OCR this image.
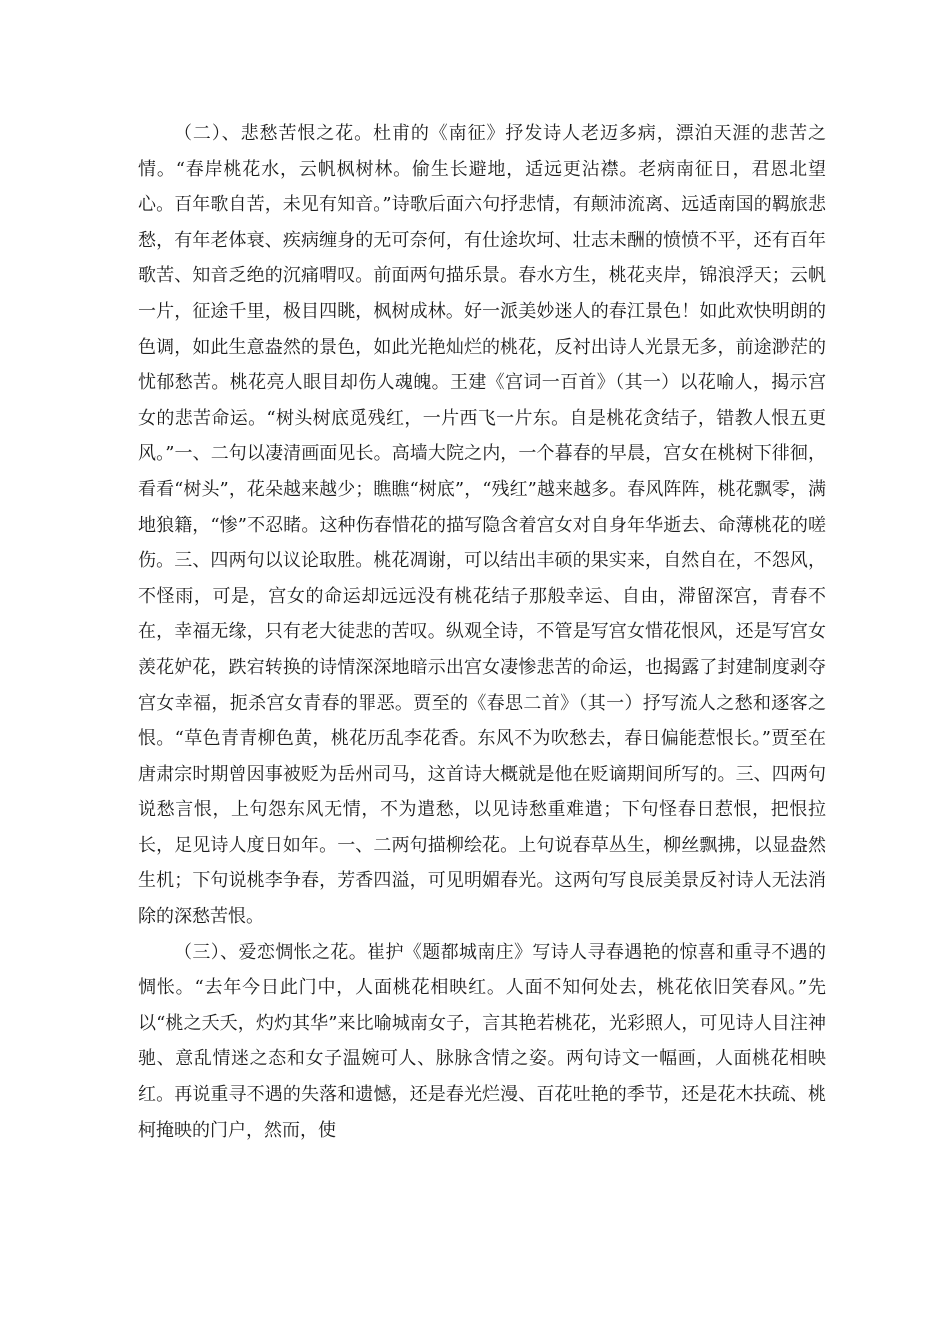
（二）、悲愁苦恨之花。杜甫的《南征》抒发诗人老迈多病，漂泊天涯的悲苦之情。“春岸桃花水，云帆枫树林。偷生长避地，适远更沾襟。老病南征日，君恩北望心。百年歌自苦，未见有知音。”诗歌后面六句抒悲情，有颠沛流离、远适南国的羁旅悲愁，有年老体衰、疾病缠身的无可奈何，有仕途坎坷、壮志未酬的愤愤不平，还有百年歌苦、知音乏绝的沉痛喟叹。前面两句描乐景。春水方生，桃花夹岸，锦浪浮天；云帆一片，征途千里，极目四眺，枫树成林。好一派美妙迷人的春江景色！如此欢快明朗的色调，如此生意盎然的景色，如此光艳灿烂的桃花，反衬出诗人光景无多，前途渺茫的忧郁愁苦。桃花亮人眼目却伤人魂魄。王建《宫词一百首》（其一）以花喻人，揭示宫女的悲苦命运。“树头树底觅残红，一片西飞一片东。自是桃花贪结子，错教人恨五更风。”一、二句以凄清画面见长。高墙大院之内，一个暮春的早晨，宫女在桃树下徘徊，看看“树头”，花朵越来越少；瞧瞧“树底”，“残红”越来越多。春风阵阵，桃花飘零，满地狼籍，“惨”不忍睹。这种伤春惜花的描写隐含着宫女对自身年华逝去、命薄桃花的嗟伤。三、四两句以议论取胜。桃花凋谢，可以结出丰硕的果实来，自然自在，不怨风，不怪雨，可是，宫女的命运却远远没有桃花结子那般幸运、自由，滞留深宫，青春不在，幸福无缘，只有老大徒悲的苦叹。纵观全诗，不管是写宫女惜花恨风，还是写宫女羡花妒花，跌宕转换的诗情深深地暗示出宫女凄惨悲苦的命运，也揭露了封建制度剥夺宫女幸福，扼杀宫女青春的罪恶。贾至的《春思二首》（其一）抒写流人之愁和逐客之恨。“草色青青柳色黄，桃花历乱李花香。东风不为吹愁去，春日偏能惹恨长。”贾至在唐肃宗时期曾因事被贬为岳州司马，这首诗大概就是他在贬谪期间所写的。三、四两句说愁言恨，上句怨东风无情，不为遣愁，以见诗愁重难遣；下句怪春日惹恨，把恨拉长，足见诗人度日如年。一、二两句描柳绘花。上句说春草丛生，柳丝飘拂，以显盎然生机；下句说桃李争春，芳香四溢，可见明媚春光。这两句写良辰美景反衬诗人无法消除的深愁苦恨。

（三）、爱恋惆怅之花。崔护《题都城南庄》写诗人寻春遇艳的惊喜和重寻不遇的惆怅。“去年今日此门中，人面桃花相映红。人面不知何处去，桃花依旧笑春风。”先以“桃之夭夭，灼灼其华”来比喻城南女子，言其艳若桃花，光彩照人，可见诗人目注神驰、意乱情迷之态和女子温婉可人、脉脉含情之姿。两句诗文一幅画，人面桃花相映红。再说重寻不遇的失落和遗憾，还是春光烂漫、百花吐艳的季节，还是花木扶疏、桃柯掩映的门户，然而，使
